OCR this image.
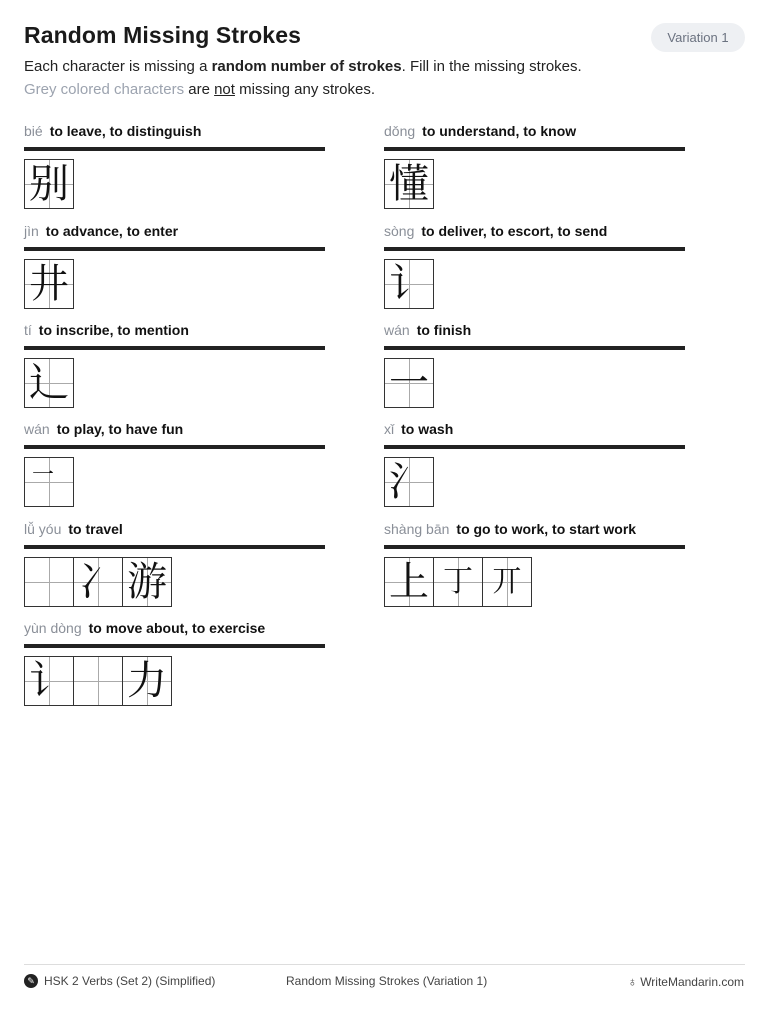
Random Missing Strokes	Variation 1
Each character is missing a random number of strokes. Fill in the missing strokes.
Grey colored characters are not missing any strokes.
bié to leave, to distinguish
别
dǒng to understand, to know
懂
jìn to advance, to enter
井
sòng to deliver, to escort, to send
讠
tí to inscribe, to mention
辶
wán to finish
一
wán to play, to have fun
一
xǐ to wash
氵
lǚ yóu to travel
冫 游
shàng bān to go to work, to start work
上 丁 丌
yùn dòng to move about, to exercise
讠 力
✎ HSK 2 Verbs (Set 2) (Simplified)	Random Missing Strokes (Variation 1)	♁ WriteMandarin.com
